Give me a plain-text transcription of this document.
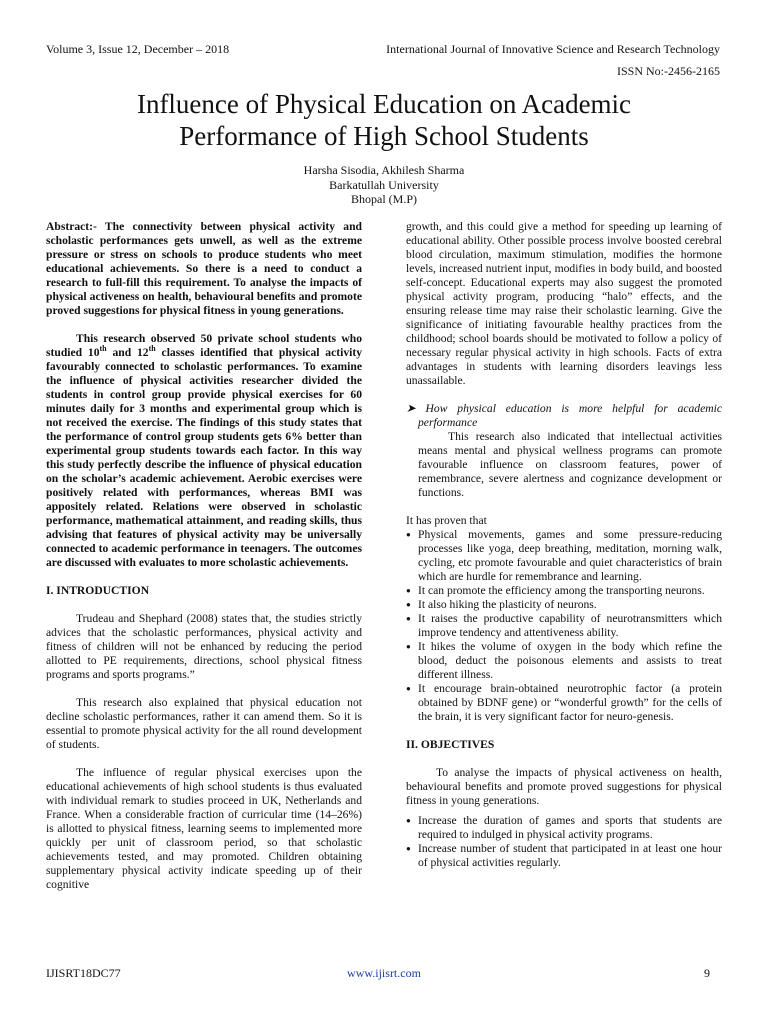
Volume 3, Issue 12, December – 2018	International Journal of Innovative Science and Research Technology
ISSN No:-2456-2165
Influence of Physical Education on Academic
Performance of High School Students
Harsha Sisodia, Akhilesh Sharma
Barkatullah University
Bhopal (M.P)

Abstract:- The connectivity between physical activity and scholastic performances gets unwell, as well as the extreme pressure or stress on schools to produce students who meet educational achievements. So there is a need to conduct a research to full-fill this requirement. To analyse the impacts of physical activeness on health, behavioural benefits and promote proved suggestions for physical fitness in young generations.

This research observed 50 private school students who studied 10th and 12th classes identified that physical activity favourably connected to scholastic performances. To examine the influence of physical activities researcher divided the students in control group provide physical exercises for 60 minutes daily for 3 months and experimental group which is not received the exercise. The findings of this study states that the performance of control group students gets 6% better than experimental group students towards each factor. In this way this study perfectly describe the influence of physical education on the scholar’s academic achievement. Aerobic exercises were positively related with performances, whereas BMI was appositely related. Relations were observed in scholastic performance, mathematical attainment, and reading skills, thus advising that features of physical activity may be universally connected to academic performance in teenagers. The outcomes are discussed with evaluates to more scholastic achievements.

I. INTRODUCTION

Trudeau and Shephard (2008) states that, the studies strictly advices that the scholastic performances, physical activity and fitness of children will not be enhanced by reducing the period allotted to PE requirements, directions, school physical fitness programs and sports programs.”

This research also explained that physical education not decline scholastic performances, rather it can amend them. So it is essential to promote physical activity for the all round development of students.

The influence of regular physical exercises upon the educational achievements of high school students is thus evaluated with individual remark to studies proceed in UK, Netherlands and France. When a considerable fraction of curricular time (14–26%) is allotted to physical fitness, learning seems to implemented more quickly per unit of classroom period, so that scholastic achievements tested, and may promoted. Children obtaining supplementary physical activity indicate speeding up of their cognitive

growth, and this could give a method for speeding up learning of educational ability. Other possible process involve boosted cerebral blood circulation, maximum stimulation, modifies the hormone levels, increased nutrient input, modifies in body build, and boosted self-concept. Educational experts may also suggest the promoted physical activity program, producing “halo” effects, and the ensuring release time may raise their scholastic learning. Give the significance of initiating favourable healthy practices from the childhood; school boards should be motivated to follow a policy of necessary regular physical activity in high schools. Facts of extra advantages in students with learning disorders leavings less unassailable.

➤ How physical education is more helpful for academic performance

This research also indicated that intellectual activities means mental and physical wellness programs can promote favourable influence on classroom features, power of remembrance, severe alertness and cognizance development or functions.

It has proven that

● Physical movements, games and some pressure-reducing processes like yoga, deep breathing, meditation, morning walk, cycling, etc promote favourable and quiet characteristics of brain which are hurdle for remembrance and learning.
● It can promote the efficiency among the transporting neurons.
● It also hiking the plasticity of neurons.
● It raises the productive capability of neurotransmitters which improve tendency and attentiveness ability.
● It hikes the volume of oxygen in the body which refine the blood, deduct the poisonous elements and assists to treat different illness.
● It encourage brain-obtained neurotrophic factor (a protein obtained by BDNF gene) or “wonderful growth” for the cells of the brain, it is very significant factor for neuro-genesis.

II. OBJECTIVES

To analyse the impacts of physical activeness on health, behavioural benefits and promote proved suggestions for physical fitness in young generations.

● Increase the duration of games and sports that students are required to indulged in physical activity programs.
● Increase number of student that participated in at least one hour of physical activities regularly.
IJISRT18DC77	www.ijisrt.com	9
